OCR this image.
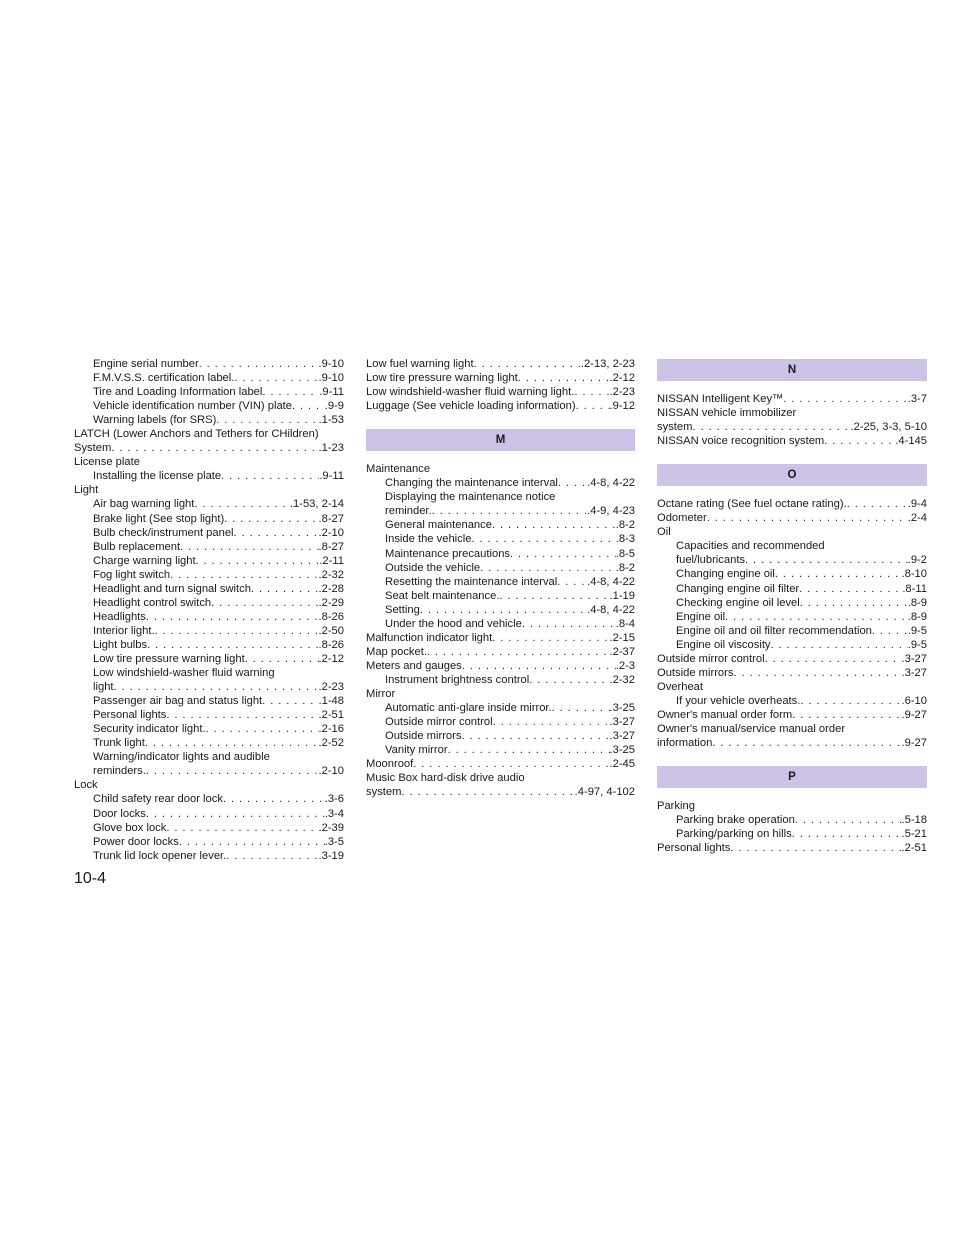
Engine serial number . . .	.9-10
F.M.V.S.S. certification label. . . .	.9-10
Tire and Loading Information label . . .	.9-11
Vehicle identification number (VIN) plate . . .	.9-9
Warning labels (for SRS) . . .	.1-53
LATCH (Lower Anchors and Tethers for CHildren)
System . . .	.1-23
License plate
Installing the license plate . . .	.9-11
Light
Air bag warning light . . .	.1-53, 2-14
Brake light (See stop light) . . .	.8-27
Bulb check/instrument panel . . .	.2-10
Bulb replacement . . .	.8-27
Charge warning light . . .	.2-11
Fog light switch . . .	.2-32
Headlight and turn signal switch . . .	.2-28
Headlight control switch . . .	.2-29
Headlights . . .	.8-26
Interior light. . . .	.2-50
Light bulbs . . .	.8-26
Low tire pressure warning light . . .	.2-12
Low windshield-washer fluid warning
light . . .	.2-23
Passenger air bag and status light . . .	.1-48
Personal lights . . .	.2-51
Security indicator light. . . .	.2-16
Trunk light . . .	.2-52
Warning/indicator lights and audible
reminders. . . .	.2-10
Lock
Child safety rear door lock . . .	.3-6
Door locks . . .	.3-4
Glove box lock . . .	.2-39
Power door locks . . .	.3-5
Trunk lid lock opener lever. . . .	.3-19
Low fuel warning light . . .	.2-13, 2-23
Low tire pressure warning light . . .	.2-12
Low windshield-washer fluid warning light. . . .	.2-23
Luggage (See vehicle loading information) . . .	.9-12
M
Maintenance
Changing the maintenance interval . . .	.4-8, 4-22
Displaying the maintenance notice
reminder. . . .	.4-9, 4-23
General maintenance . . .	.8-2
Inside the vehicle . . .	.8-3
Maintenance precautions . . .	.8-5
Outside the vehicle . . .	.8-2
Resetting the maintenance interval . . .	.4-8, 4-22
Seat belt maintenance. . . .	.1-19
Setting . . .	.4-8, 4-22
Under the hood and vehicle . . .	.8-4
Malfunction indicator light . . .	.2-15
Map pocket. . . .	.2-37
Meters and gauges . . .	.2-3
Instrument brightness control . . .	.2-32
Mirror
Automatic anti-glare inside mirror. . . .	.3-25
Outside mirror control . . .	.3-27
Outside mirrors . . .	.3-27
Vanity mirror . . .	.3-25
Moonroof . . .	.2-45
Music Box hard-disk drive audio
system . . .	.4-97, 4-102
N
NISSAN Intelligent Key™ . . .	.3-7
NISSAN vehicle immobilizer
system . . .	.2-25, 3-3, 5-10
NISSAN voice recognition system . . .	.4-145
O
Octane rating (See fuel octane rating). . . .	.9-4
Odometer . . .	.2-4
Oil
Capacities and recommended
fuel/lubricants . . .	.9-2
Changing engine oil . . .	.8-10
Changing engine oil filter . . .	.8-11
Checking engine oil level . . .	.8-9
Engine oil . . .	.8-9
Engine oil and oil filter recommendation . . .	.9-5
Engine oil viscosity . . .	.9-5
Outside mirror control . . .	.3-27
Outside mirrors . . .	.3-27
Overheat
If your vehicle overheats. . . .	.6-10
Owner's manual order form . . .	.9-27
Owner's manual/service manual order
information . . .	.9-27
P
Parking
Parking brake operation . . .	.5-18
Parking/parking on hills . . .	.5-21
Personal lights . . .	.2-51
10-4
